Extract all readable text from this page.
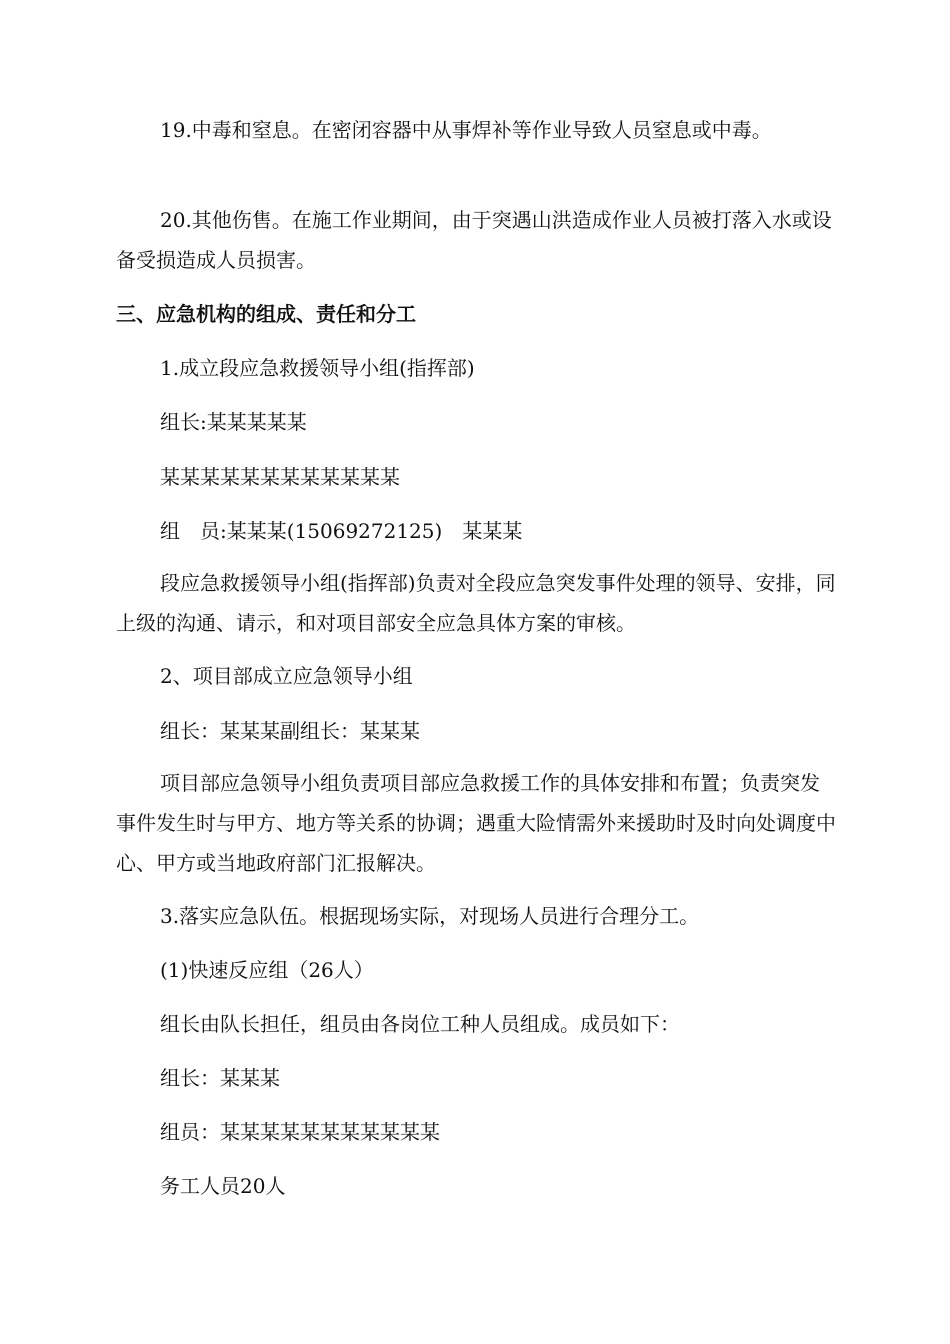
19.中毒和窒息。在密闭容器中从事焊补等作业导致人员窒息或中毒。

20.其他伤售。在施工作业期间，由于突遇山洪造成作业人员被打落入水或设备受损造成人员损害。

三、应急机构的组成、责任和分工

1.成立段应急救援领导小组(指挥部)

组长:某某某某某

某某某某某某某某某某某某

组　员:某某某(15069272125)　某某某

段应急救援领导小组(指挥部)负责对全段应急突发事件处理的领导、安排，同上级的沟通、请示，和对项目部安全应急具体方案的审核。

2、项目部成立应急领导小组

组长：某某某副组长：某某某

项目部应急领导小组负责项目部应急救援工作的具体安排和布置；负责突发事件发生时与甲方、地方等关系的协调；遇重大险情需外来援助时及时向处调度中心、甲方或当地政府部门汇报解决。

3.落实应急队伍。根据现场实际，对现场人员进行合理分工。

(1)快速反应组（26人）

组长由队长担任，组员由各岗位工种人员组成。成员如下：

组长：某某某

组员：某某某某某某某某某某某

务工人员20人
